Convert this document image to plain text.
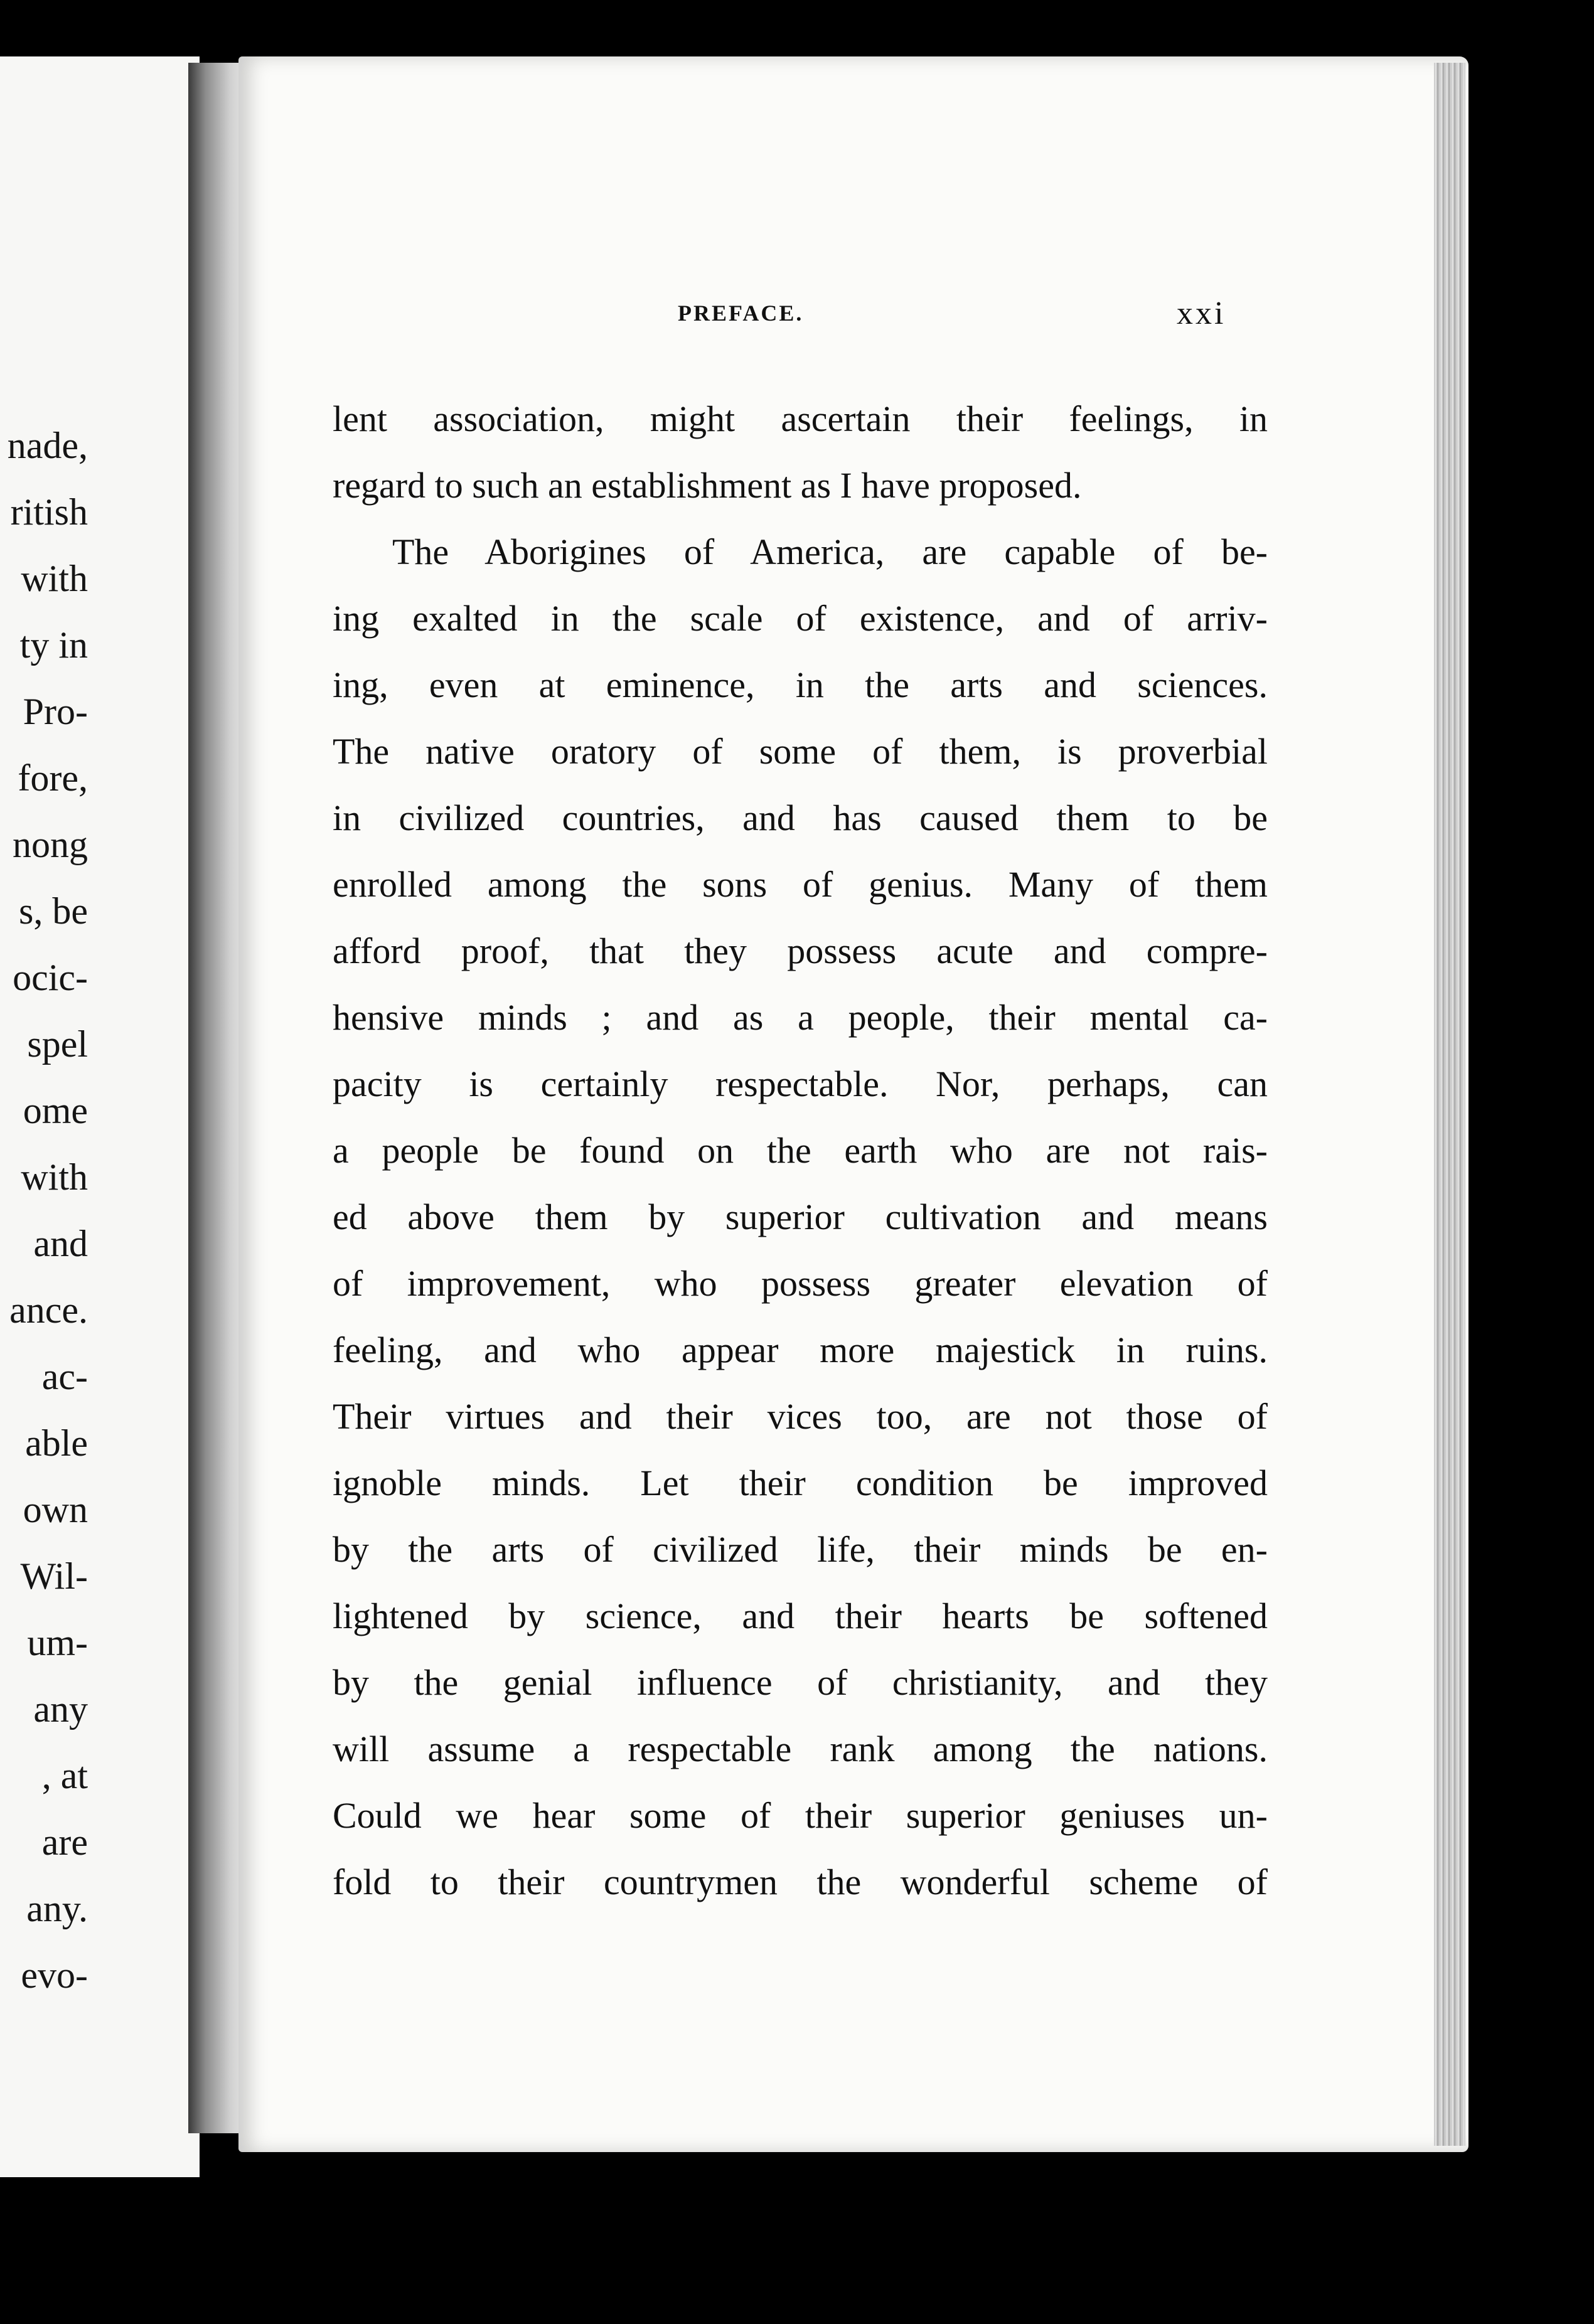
nade,
ritish
with
ty in
Pro-
fore,
nong
s, be
ocic-
spel
ome
with
and
ance.
ac-
able
own
Wil-
um-
any
, at
are
any.
evo-
PREFACE.	xxi
lent association, might ascertain their feelings, in
regard to such an establishment as I have proposed.
The Aborigines of America, are capable of be-
ing exalted in the scale of existence, and of arriv-
ing, even at eminence, in the arts and sciences.
The native oratory of some of them, is proverbial
in civilized countries, and has caused them to be
enrolled among the sons of genius. Many of them
afford proof, that they possess acute and compre-
hensive minds ; and as a people, their mental ca-
pacity is certainly respectable. Nor, perhaps, can
a people be found on the earth who are not rais-
ed above them by superior cultivation and means
of improvement, who possess greater elevation of
feeling, and who appear more majestick in ruins.
Their virtues and their vices too, are not those of
ignoble minds. Let their condition be improved
by the arts of civilized life, their minds be en-
lightened by science, and their hearts be softened
by the genial influence of christianity, and they
will assume a respectable rank among the nations.
Could we hear some of their superior geniuses un-
fold to their countrymen the wonderful scheme of
